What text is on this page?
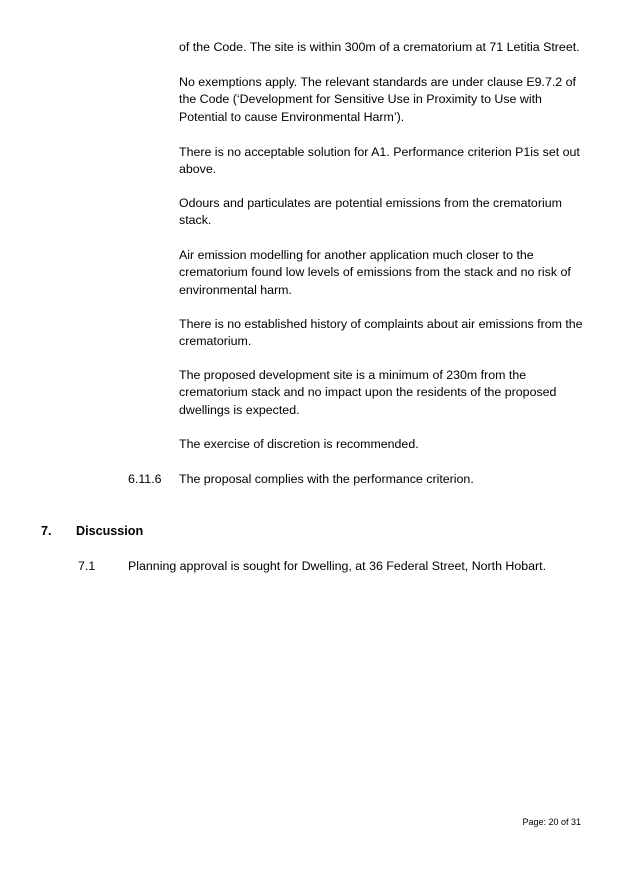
of the Code. The site is within 300m of a crematorium at 71 Letitia Street.

No exemptions apply. The relevant standards are under clause E9.7.2 of the Code (‘Development for Sensitive Use in Proximity to Use with Potential to cause Environmental Harm’).

There is no acceptable solution for A1. Performance criterion P1is set out above.

Odours and particulates are potential emissions from the crematorium stack.

Air emission modelling for another application much closer to the crematorium found low levels of emissions from the stack and no risk of environmental harm.

There is no established history of complaints about air emissions from the crematorium.

The proposed development site is a minimum of 230m from the crematorium stack and no impact upon the residents of the proposed dwellings is expected.

The exercise of discretion is recommended.

6.11.6 The proposal complies with the performance criterion.

7. Discussion

7.1	Planning approval is sought for Dwelling, at 36 Federal Street, North Hobart.

Page: 20 of 31
